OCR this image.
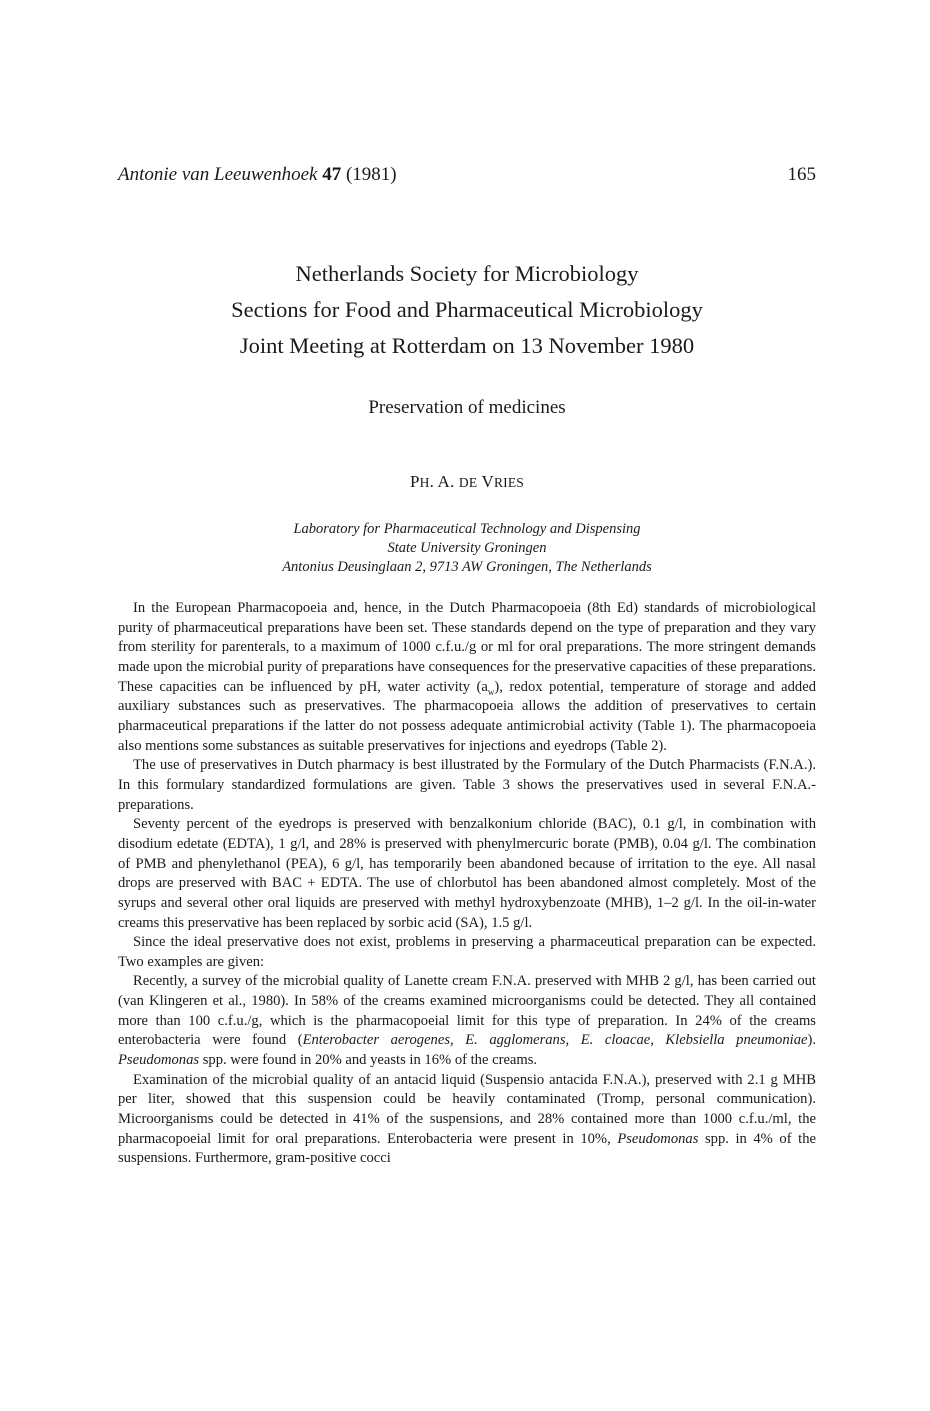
Antonie van Leeuwenhoek 47 (1981)	165
Netherlands Society for Microbiology
Sections for Food and Pharmaceutical Microbiology
Joint Meeting at Rotterdam on 13 November 1980
Preservation of medicines
PH. A. DE VRIES
Laboratory for Pharmaceutical Technology and Dispensing
State University Groningen
Antonius Deusinglaan 2, 9713 AW Groningen, The Netherlands

In the European Pharmacopoeia and, hence, in the Dutch Pharmacopoeia (8th Ed) standards of microbiological purity of pharmaceutical preparations have been set. These standards depend on the type of preparation and they vary from sterility for parenterals, to a maximum of 1000 c.f.u./g or ml for oral preparations. The more stringent demands made upon the microbial purity of preparations have consequences for the preservative capacities of these preparations. These capacities can be influenced by pH, water activity $(a_w)$, redox potential, temperature of storage and added auxiliary substances such as preservatives. The pharmacopoeia allows the addition of preservatives to certain pharmaceutical preparations if the latter do not possess adequate antimicrobial activity (Table 1). The pharmacopoeia also mentions some substances as suitable preservatives for injections and eyedrops (Table 2).

The use of preservatives in Dutch pharmacy is best illustrated by the Formulary of the Dutch Pharmacists (F.N.A.). In this formulary standardized formulations are given. Table 3 shows the preservatives used in several F.N.A.-preparations.

Seventy percent of the eyedrops is preserved with benzalkonium chloride (BAC), 0.1 g/l, in combination with disodium edetate (EDTA), 1 g/l, and 28% is preserved with phenylmercuric borate (PMB), 0.04 g/l. The combination of PMB and phenylethanol (PEA), 6 g/l, has temporarily been abandoned because of irritation to the eye. All nasal drops are preserved with BAC + EDTA. The use of chlorbutol has been abandoned almost completely. Most of the syrups and several other oral liquids are preserved with methyl hydroxybenzoate (MHB), 1–2 g/l. In the oil-in-water creams this preservative has been replaced by sorbic acid (SA), 1.5 g/l.

Since the ideal preservative does not exist, problems in preserving a pharmaceutical preparation can be expected. Two examples are given:

Recently, a survey of the microbial quality of Lanette cream F.N.A. preserved with MHB 2 g/l, has been carried out (van Klingeren et al., 1980). In 58% of the creams examined microorganisms could be detected. They all contained more than 100 c.f.u./g, which is the pharmacopoeial limit for this type of preparation. In 24% of the creams enterobacteria were found (Enterobacter aerogenes, E. agglomerans, E. cloacae, Klebsiella pneumoniae). Pseudomonas spp. were found in 20% and yeasts in 16% of the creams.

Examination of the microbial quality of an antacid liquid (Suspensio antacida F.N.A.), preserved with 2.1 g MHB per liter, showed that this suspension could be heavily contaminated (Tromp, personal communication). Microorganisms could be detected in 41% of the suspensions, and 28% contained more than 1000 c.f.u./ml, the pharmacopoeial limit for oral preparations. Enterobacteria were present in 10%, Pseudomonas spp. in 4% of the suspensions. Furthermore, gram-positive cocci
